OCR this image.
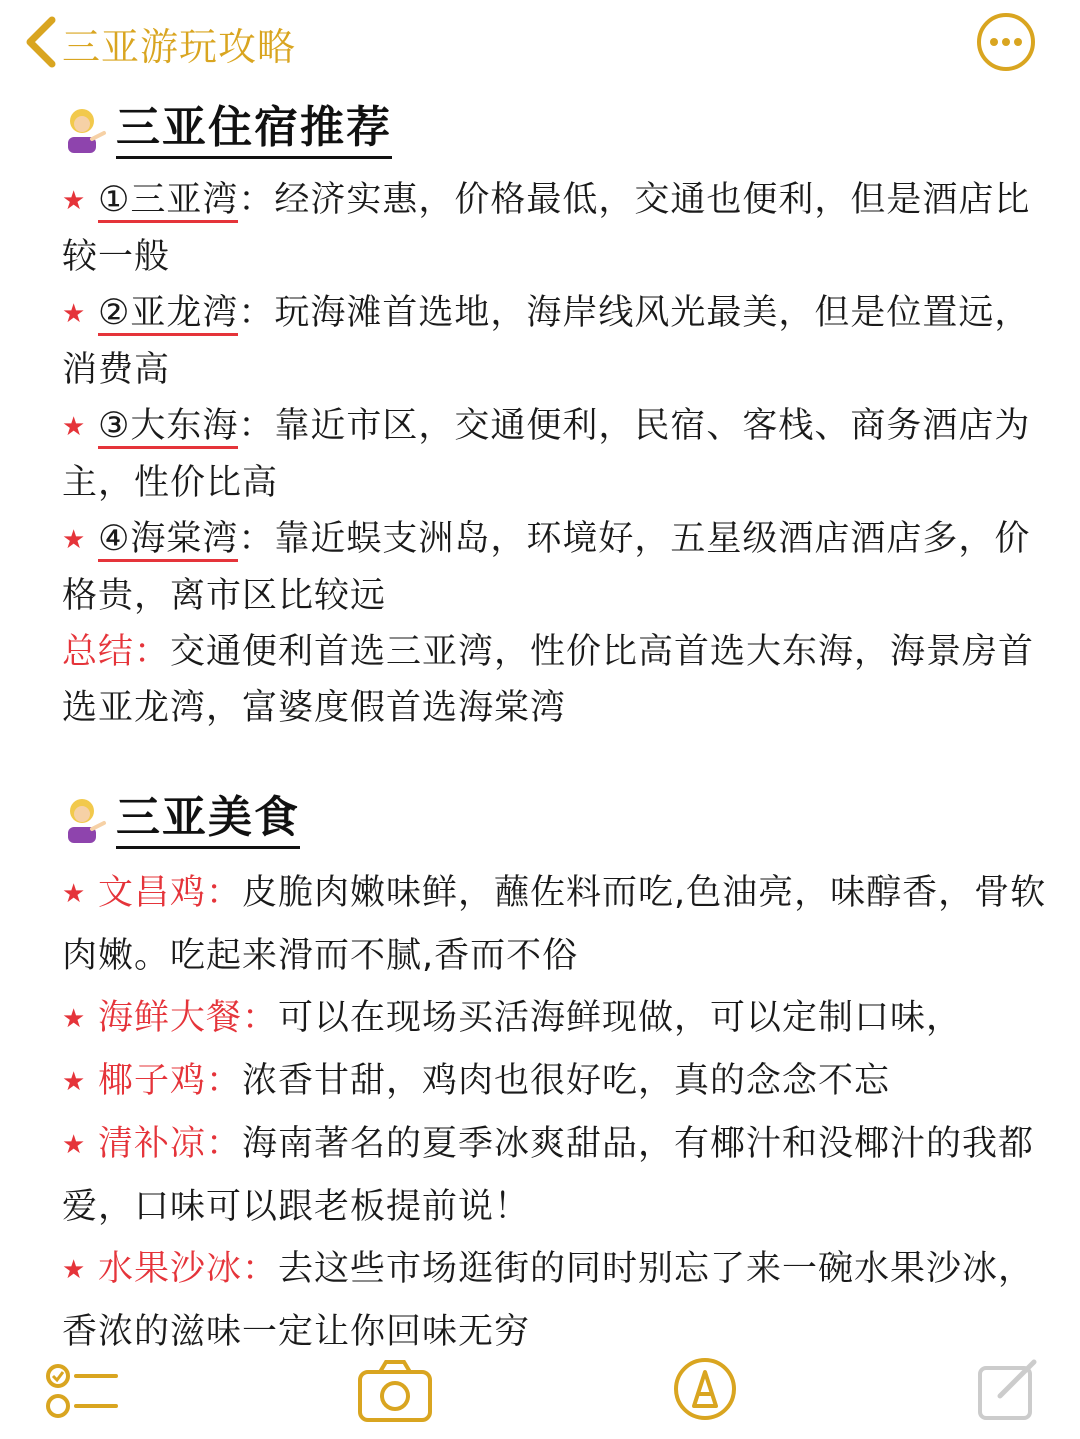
三亚游玩攻略
三亚住宿推荐
★ ①三亚湾：经济实惠，价格最低，交通也便利，但是酒店比较一般
★ ②亚龙湾：玩海滩首选地，海岸线风光最美，但是位置远，消费高
★ ③大东海：靠近市区，交通便利，民宿、客栈、商务酒店为主，性价比高
★ ④海棠湾：靠近蜈支洲岛，环境好，五星级酒店酒店多，价格贵，离市区比较远
总结：交通便利首选三亚湾，性价比高首选大东海，海景房首选亚龙湾，富婆度假首选海棠湾
三亚美食
★ 文昌鸡：皮脆肉嫩味鲜，蘸佐料而吃,色油亮，味醇香，骨软肉嫩。吃起来滑而不腻,香而不俗
★ 海鲜大餐：可以在现场买活海鲜现做，可以定制口味，
★ 椰子鸡：浓香甘甜，鸡肉也很好吃，真的念念不忘
★ 清补凉：海南著名的夏季冰爽甜品，有椰汁和没椰汁的我都爱，口味可以跟老板提前说！
★ 水果沙冰：去这些市场逛街的同时别忘了来一碗水果沙冰，香浓的滋味一定让你回味无穷
